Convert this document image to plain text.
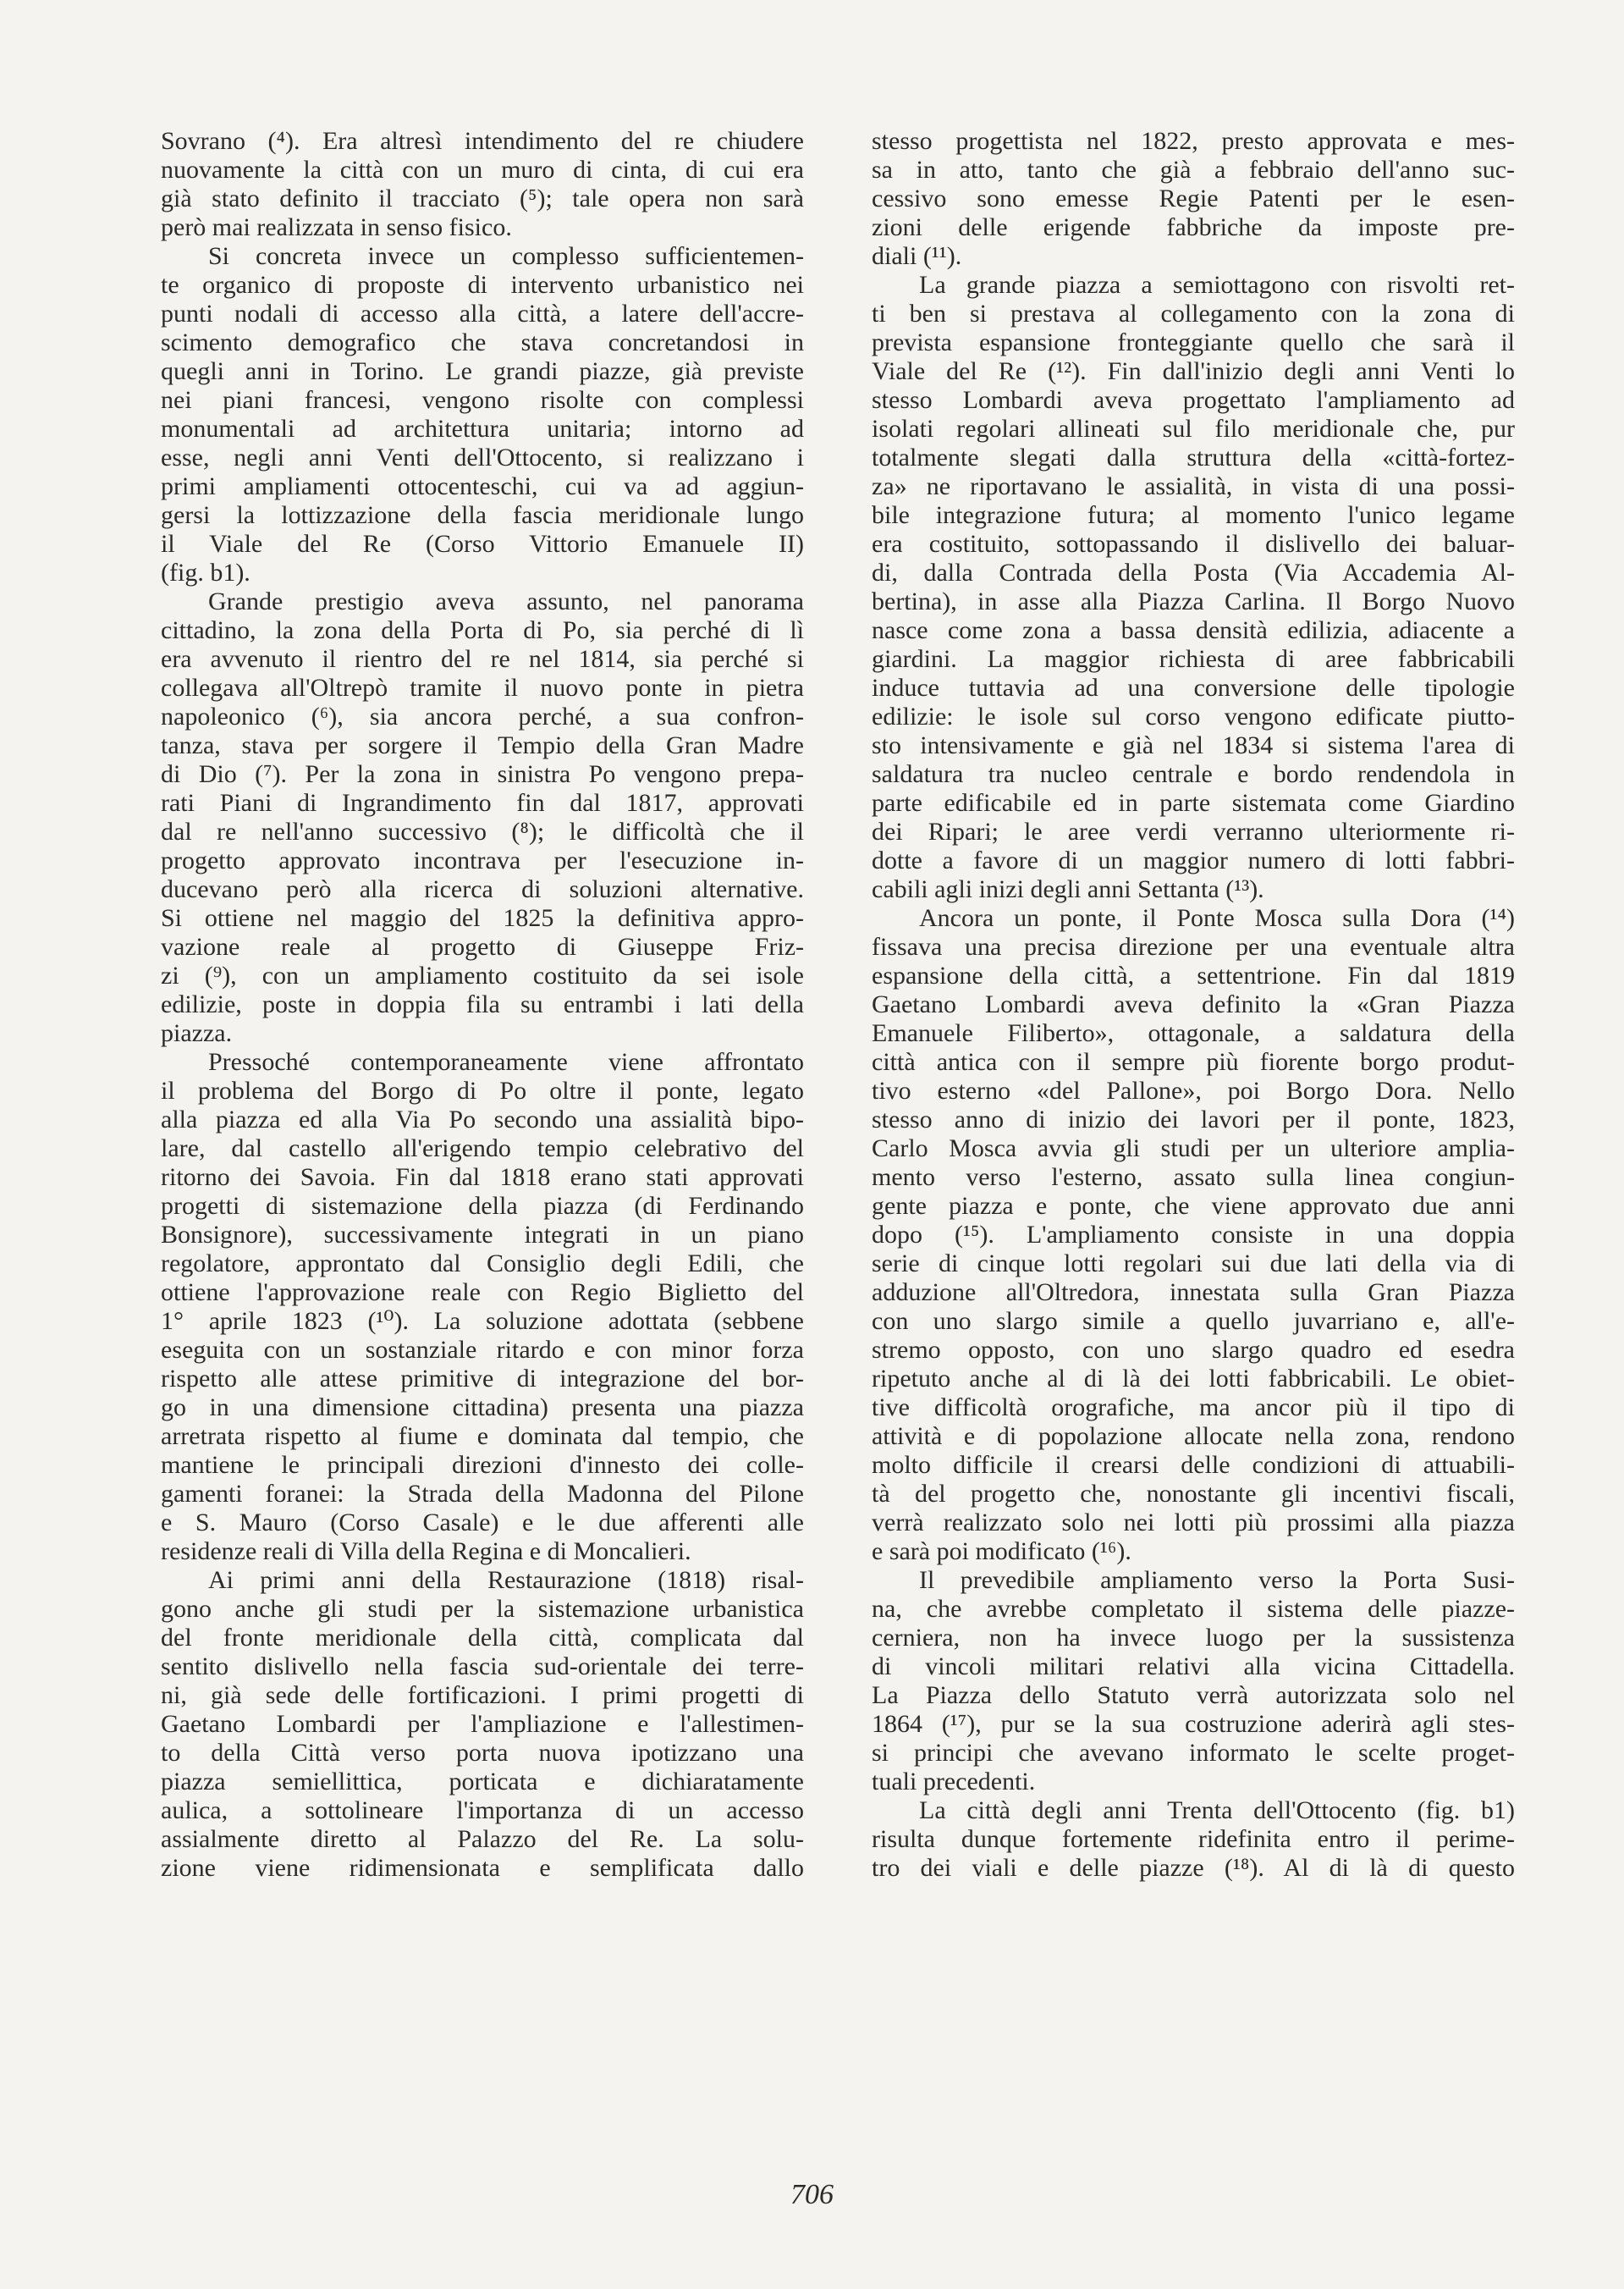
Sovrano (⁴). Era altresì intendimento del re chiudere
nuovamente la città con un muro di cinta, di cui era
già stato definito il tracciato (⁵); tale opera non sarà
però mai realizzata in senso fisico.
Si concreta invece un complesso sufficientemen-
te organico di proposte di intervento urbanistico nei
punti nodali di accesso alla città, a latere dell'accre-
scimento demografico che stava concretandosi in
quegli anni in Torino. Le grandi piazze, già previste
nei piani francesi, vengono risolte con complessi
monumentali ad architettura unitaria; intorno ad
esse, negli anni Venti dell'Ottocento, si realizzano i
primi ampliamenti ottocenteschi, cui va ad aggiun-
gersi la lottizzazione della fascia meridionale lungo
il Viale del Re (Corso Vittorio Emanuele II)
(fig. b1).
Grande prestigio aveva assunto, nel panorama
cittadino, la zona della Porta di Po, sia perché di lì
era avvenuto il rientro del re nel 1814, sia perché si
collegava all'Oltrepò tramite il nuovo ponte in pietra
napoleonico (⁶), sia ancora perché, a sua confron-
tanza, stava per sorgere il Tempio della Gran Madre
di Dio (⁷). Per la zona in sinistra Po vengono prepa-
rati Piani di Ingrandimento fin dal 1817, approvati
dal re nell'anno successivo (⁸); le difficoltà che il
progetto approvato incontrava per l'esecuzione in-
ducevano però alla ricerca di soluzioni alternative.
Si ottiene nel maggio del 1825 la definitiva appro-
vazione reale al progetto di Giuseppe Friz-
zi (⁹), con un ampliamento costituito da sei isole
edilizie, poste in doppia fila su entrambi i lati della
piazza.
Pressoché contemporaneamente viene affrontato
il problema del Borgo di Po oltre il ponte, legato
alla piazza ed alla Via Po secondo una assialità bipo-
lare, dal castello all'erigendo tempio celebrativo del
ritorno dei Savoia. Fin dal 1818 erano stati approvati
progetti di sistemazione della piazza (di Ferdinando
Bonsignore), successivamente integrati in un piano
regolatore, approntato dal Consiglio degli Edili, che
ottiene l'approvazione reale con Regio Biglietto del
1° aprile 1823 (¹⁰). La soluzione adottata (sebbene
eseguita con un sostanziale ritardo e con minor forza
rispetto alle attese primitive di integrazione del bor-
go in una dimensione cittadina) presenta una piazza
arretrata rispetto al fiume e dominata dal tempio, che
mantiene le principali direzioni d'innesto dei colle-
gamenti foranei: la Strada della Madonna del Pilone
e S. Mauro (Corso Casale) e le due afferenti alle
residenze reali di Villa della Regina e di Moncalieri.
Ai primi anni della Restaurazione (1818) risal-
gono anche gli studi per la sistemazione urbanistica
del fronte meridionale della città, complicata dal
sentito dislivello nella fascia sud-orientale dei terre-
ni, già sede delle fortificazioni. I primi progetti di
Gaetano Lombardi per l'ampliazione e l'allestimen-
to della Città verso porta nuova ipotizzano una
piazza semiellittica, porticata e dichiaratamente
aulica, a sottolineare l'importanza di un accesso
assialmente diretto al Palazzo del Re. La solu-
zione viene ridimensionata e semplificata dallo
stesso progettista nel 1822, presto approvata e mes-
sa in atto, tanto che già a febbraio dell'anno suc-
cessivo sono emesse Regie Patenti per le esen-
zioni delle erigende fabbriche da imposte pre-
diali (¹¹).
La grande piazza a semiottagono con risvolti ret-
ti ben si prestava al collegamento con la zona di
prevista espansione fronteggiante quello che sarà il
Viale del Re (¹²). Fin dall'inizio degli anni Venti lo
stesso Lombardi aveva progettato l'ampliamento ad
isolati regolari allineati sul filo meridionale che, pur
totalmente slegati dalla struttura della «città-fortez-
za» ne riportavano le assialità, in vista di una possi-
bile integrazione futura; al momento l'unico legame
era costituito, sottopassando il dislivello dei baluar-
di, dalla Contrada della Posta (Via Accademia Al-
bertina), in asse alla Piazza Carlina. Il Borgo Nuovo
nasce come zona a bassa densità edilizia, adiacente a
giardini. La maggior richiesta di aree fabbricabili
induce tuttavia ad una conversione delle tipologie
edilizie: le isole sul corso vengono edificate piutto-
sto intensivamente e già nel 1834 si sistema l'area di
saldatura tra nucleo centrale e bordo rendendola in
parte edificabile ed in parte sistemata come Giardino
dei Ripari; le aree verdi verranno ulteriormente ri-
dotte a favore di un maggior numero di lotti fabbri-
cabili agli inizi degli anni Settanta (¹³).
Ancora un ponte, il Ponte Mosca sulla Dora (¹⁴)
fissava una precisa direzione per una eventuale altra
espansione della città, a settentrione. Fin dal 1819
Gaetano Lombardi aveva definito la «Gran Piazza
Emanuele Filiberto», ottagonale, a saldatura della
città antica con il sempre più fiorente borgo produt-
tivo esterno «del Pallone», poi Borgo Dora. Nello
stesso anno di inizio dei lavori per il ponte, 1823,
Carlo Mosca avvia gli studi per un ulteriore amplia-
mento verso l'esterno, assato sulla linea congiun-
gente piazza e ponte, che viene approvato due anni
dopo (¹⁵). L'ampliamento consiste in una doppia
serie di cinque lotti regolari sui due lati della via di
adduzione all'Oltredora, innestata sulla Gran Piazza
con uno slargo simile a quello juvarriano e, all'e-
stremo opposto, con uno slargo quadro ed esedra
ripetuto anche al di là dei lotti fabbricabili. Le obiet-
tive difficoltà orografiche, ma ancor più il tipo di
attività e di popolazione allocate nella zona, rendono
molto difficile il crearsi delle condizioni di attuabili-
tà del progetto che, nonostante gli incentivi fiscali,
verrà realizzato solo nei lotti più prossimi alla piazza
e sarà poi modificato (¹⁶).
Il prevedibile ampliamento verso la Porta Susi-
na, che avrebbe completato il sistema delle piazze-
cerniera, non ha invece luogo per la sussistenza
di vincoli militari relativi alla vicina Cittadella.
La Piazza dello Statuto verrà autorizzata solo nel
1864 (¹⁷), pur se la sua costruzione aderirà agli stes-
si principi che avevano informato le scelte proget-
tuali precedenti.
La città degli anni Trenta dell'Ottocento (fig. b1)
risulta dunque fortemente ridefinita entro il perime-
tro dei viali e delle piazze (¹⁸). Al di là di questo
706
